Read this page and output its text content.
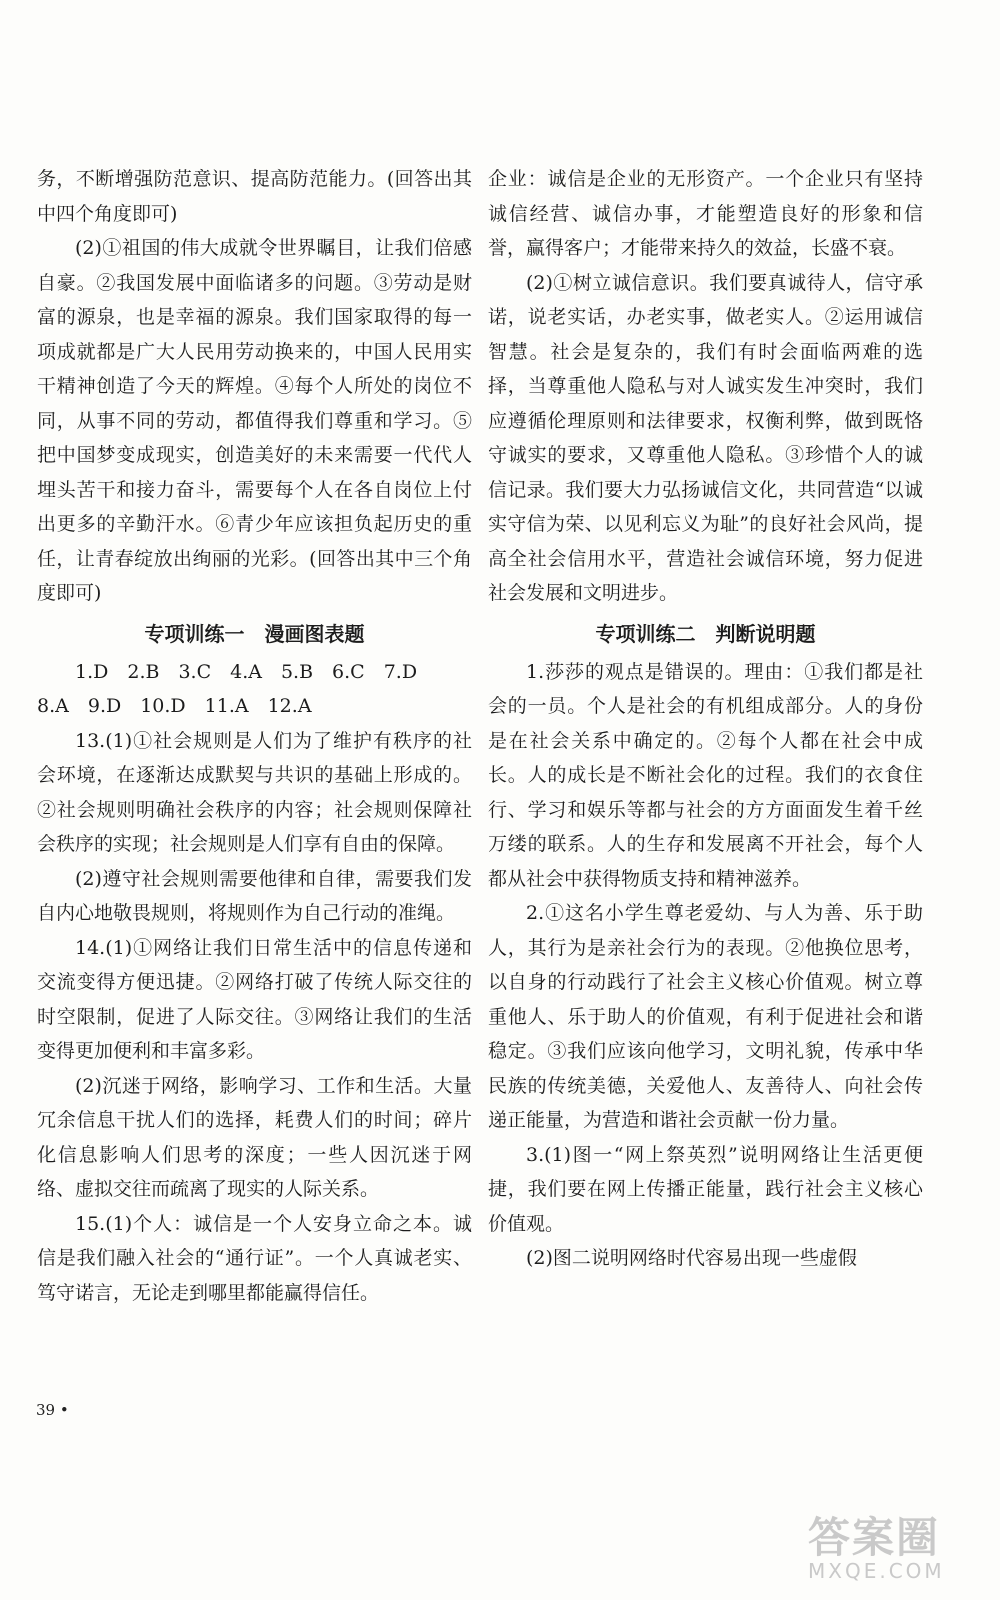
务，不断增强防范意识、提高防范能力。(回答出其中四个角度即可)

(2)①祖国的伟大成就令世界瞩目，让我们倍感自豪。②我国发展中面临诸多的问题。③劳动是财富的源泉，也是幸福的源泉。我们国家取得的每一项成就都是广大人民用劳动换来的，中国人民用实干精神创造了今天的辉煌。④每个人所处的岗位不同，从事不同的劳动，都值得我们尊重和学习。⑤把中国梦变成现实，创造美好的未来需要一代代人埋头苦干和接力奋斗，需要每个人在各自岗位上付出更多的辛勤汗水。⑥青少年应该担负起历史的重任，让青春绽放出绚丽的光彩。(回答出其中三个角度即可)

专项训练一　漫画图表题

1.D　2.B　3.C　4.A　5.B　6.C　7.D

8.A　9.D　10.D　11.A　12.A

13.(1)①社会规则是人们为了维护有秩序的社会环境，在逐渐达成默契与共识的基础上形成的。②社会规则明确社会秩序的内容；社会规则保障社会秩序的实现；社会规则是人们享有自由的保障。

(2)遵守社会规则需要他律和自律，需要我们发自内心地敬畏规则，将规则作为自己行动的准绳。

14.(1)①网络让我们日常生活中的信息传递和交流变得方便迅捷。②网络打破了传统人际交往的时空限制，促进了人际交往。③网络让我们的生活变得更加便利和丰富多彩。

(2)沉迷于网络，影响学习、工作和生活。大量冗余信息干扰人们的选择，耗费人们的时间；碎片化信息影响人们思考的深度；一些人因沉迷于网络、虚拟交往而疏离了现实的人际关系。

15.(1)个人：诚信是一个人安身立命之本。诚信是我们融入社会的“通行证”。一个人真诚老实、笃守诺言，无论走到哪里都能赢得信任。

企业：诚信是企业的无形资产。一个企业只有坚持诚信经营、诚信办事，才能塑造良好的形象和信誉，赢得客户；才能带来持久的效益，长盛不衰。

(2)①树立诚信意识。我们要真诚待人，信守承诺，说老实话，办老实事，做老实人。②运用诚信智慧。社会是复杂的，我们有时会面临两难的选择，当尊重他人隐私与对人诚实发生冲突时，我们应遵循伦理原则和法律要求，权衡利弊，做到既恪守诚实的要求，又尊重他人隐私。③珍惜个人的诚信记录。我们要大力弘扬诚信文化，共同营造“以诚实守信为荣、以见利忘义为耻”的良好社会风尚，提高全社会信用水平，营造社会诚信环境，努力促进社会发展和文明进步。

专项训练二　判断说明题

1.莎莎的观点是错误的。理由：①我们都是社会的一员。个人是社会的有机组成部分。人的身份是在社会关系中确定的。②每个人都在社会中成长。人的成长是不断社会化的过程。我们的衣食住行、学习和娱乐等都与社会的方方面面发生着千丝万缕的联系。人的生存和发展离不开社会，每个人都从社会中获得物质支持和精神滋养。

2.①这名小学生尊老爱幼、与人为善、乐于助人，其行为是亲社会行为的表现。②他换位思考，以自身的行动践行了社会主义核心价值观。树立尊重他人、乐于助人的价值观，有利于促进社会和谐稳定。③我们应该向他学习，文明礼貌，传承中华民族的传统美德，关爱他人、友善待人、向社会传递正能量，为营造和谐社会贡献一份力量。

3.(1)图一“网上祭英烈”说明网络让生活更便捷，我们要在网上传播正能量，践行社会主义核心价值观。

(2)图二说明网络时代容易出现一些虚假

39 •
答案圈
MXQE.COM
